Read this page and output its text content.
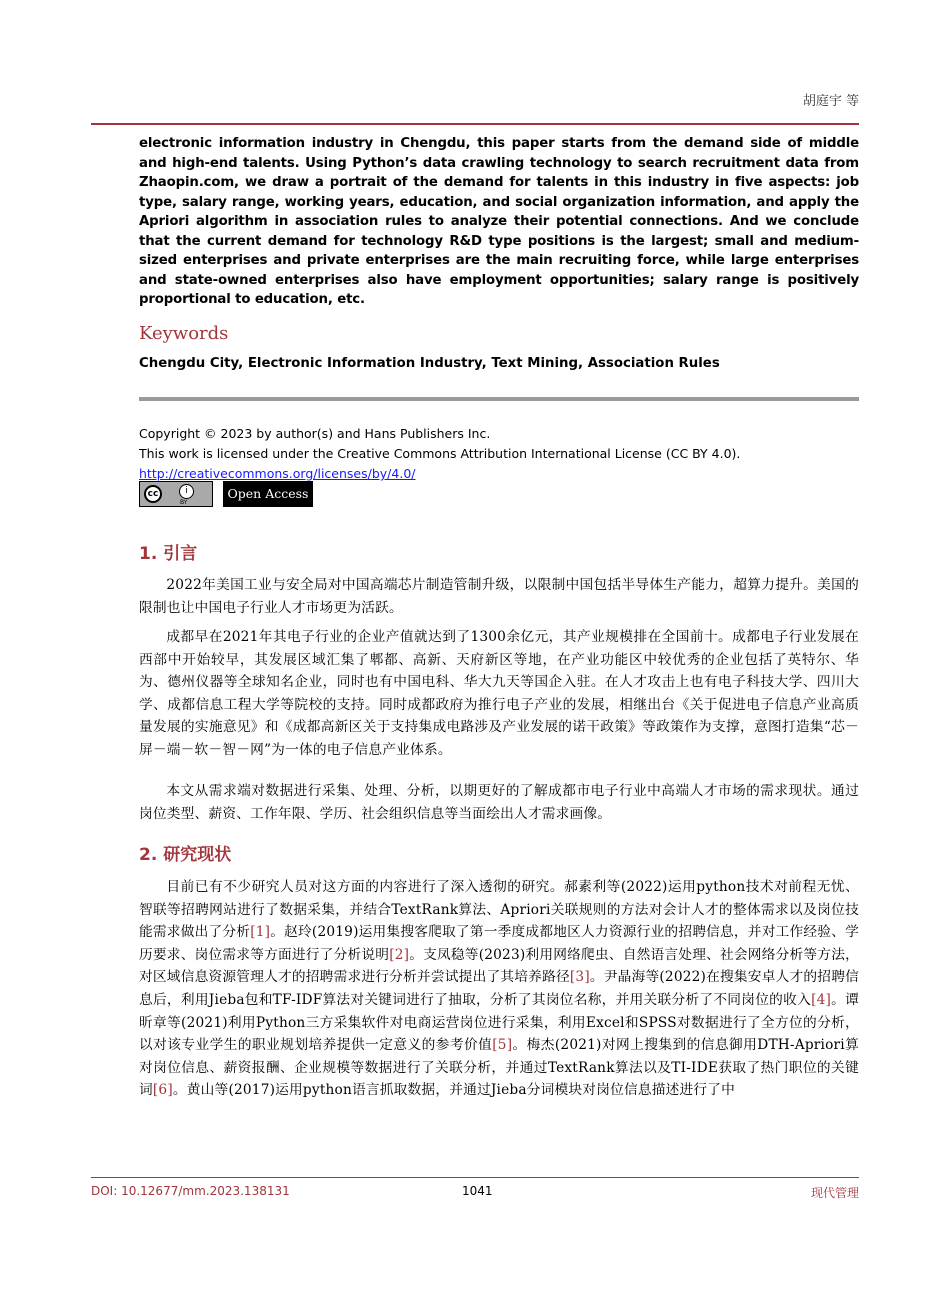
胡庭宇 等
electronic information industry in Chengdu, this paper starts from the demand side of middle and high-end talents. Using Python’s data crawling technology to search recruitment data from Zhaopin.com, we draw a portrait of the demand for talents in this industry in five aspects: job type, salary range, working years, education, and social organization information, and apply the Apriori algorithm in association rules to analyze their potential connections. And we conclude that the current demand for technology R&D type positions is the largest; small and medium-sized enterprises and private enterprises are the main recruiting force, while large enterprises and state-owned enterprises also have employment opportunities; salary range is positively proportional to education, etc.
Keywords
Chengdu City, Electronic Information Industry, Text Mining, Association Rules
Copyright © 2023 by author(s) and Hans Publishers Inc.
This work is licensed under the Creative Commons Attribution International License (CC BY 4.0).
http://creativecommons.org/licenses/by/4.0/
cc	i
BY
Open Access
1. 引言

2022年美国工业与安全局对中国高端芯片制造管制升级，以限制中国包括半导体生产能力，超算力提升。美国的限制也让中国电子行业人才市场更为活跃。

成都早在2021年其电子行业的企业产值就达到了1300余亿元，其产业规模排在全国前十。成都电子行业发展在西部中开始较早，其发展区域汇集了郫都、高新、天府新区等地，在产业功能区中较优秀的企业包括了英特尔、华为、德州仪器等全球知名企业，同时也有中国电科、华大九天等国企入驻。在人才攻击上也有电子科技大学、四川大学、成都信息工程大学等院校的支持。同时成都政府为推行电子产业的发展，相继出台《关于促进电子信息产业高质量发展的实施意见》和《成都高新区关于支持集成电路涉及产业发展的诺干政策》等政策作为支撑，意图打造集“芯－屏－端－软－智－网”为一体的电子信息产业体系。

本文从需求端对数据进行采集、处理、分析，以期更好的了解成都市电子行业中高端人才市场的需求现状。通过岗位类型、薪资、工作年限、学历、社会组织信息等当面绘出人才需求画像。

2. 研究现状

目前已有不少研究人员对这方面的内容进行了深入透彻的研究。郝素利等(2022)运用python技术对前程无忧、智联等招聘网站进行了数据采集，并结合TextRank算法、Apriori关联规则的方法对会计人才的整体需求以及岗位技能需求做出了分析[1]。赵玲(2019)运用集搜客爬取了第一季度成都地区人力资源行业的招聘信息，并对工作经验、学历要求、岗位需求等方面进行了分析说明[2]。支凤稳等(2023)利用网络爬虫、自然语言处理、社会网络分析等方法，对区域信息资源管理人才的招聘需求进行分析并尝试提出了其培养路径[3]。尹晶海等(2022)在搜集安卓人才的招聘信息后，利用Jieba包和TF-IDF算法对关键词进行了抽取，分析了其岗位名称，并用关联分析了不同岗位的收入[4]。谭昕章等(2021)利用Python三方采集软件对电商运营岗位进行采集，利用Excel和SPSS对数据进行了全方位的分析，以对该专业学生的职业规划培养提供一定意义的参考价值[5]。梅杰(2021)对网上搜集到的信息御用DTH-Apriori算对岗位信息、薪资报酬、企业规模等数据进行了关联分析，并通过TextRank算法以及TI-IDE获取了热门职位的关键词[6]。黄山等(2017)运用python语言抓取数据，并通过Jieba分词模块对岗位信息描述进行了中

DOI: 10.12677/mm.2023.138131	1041	现代管理
